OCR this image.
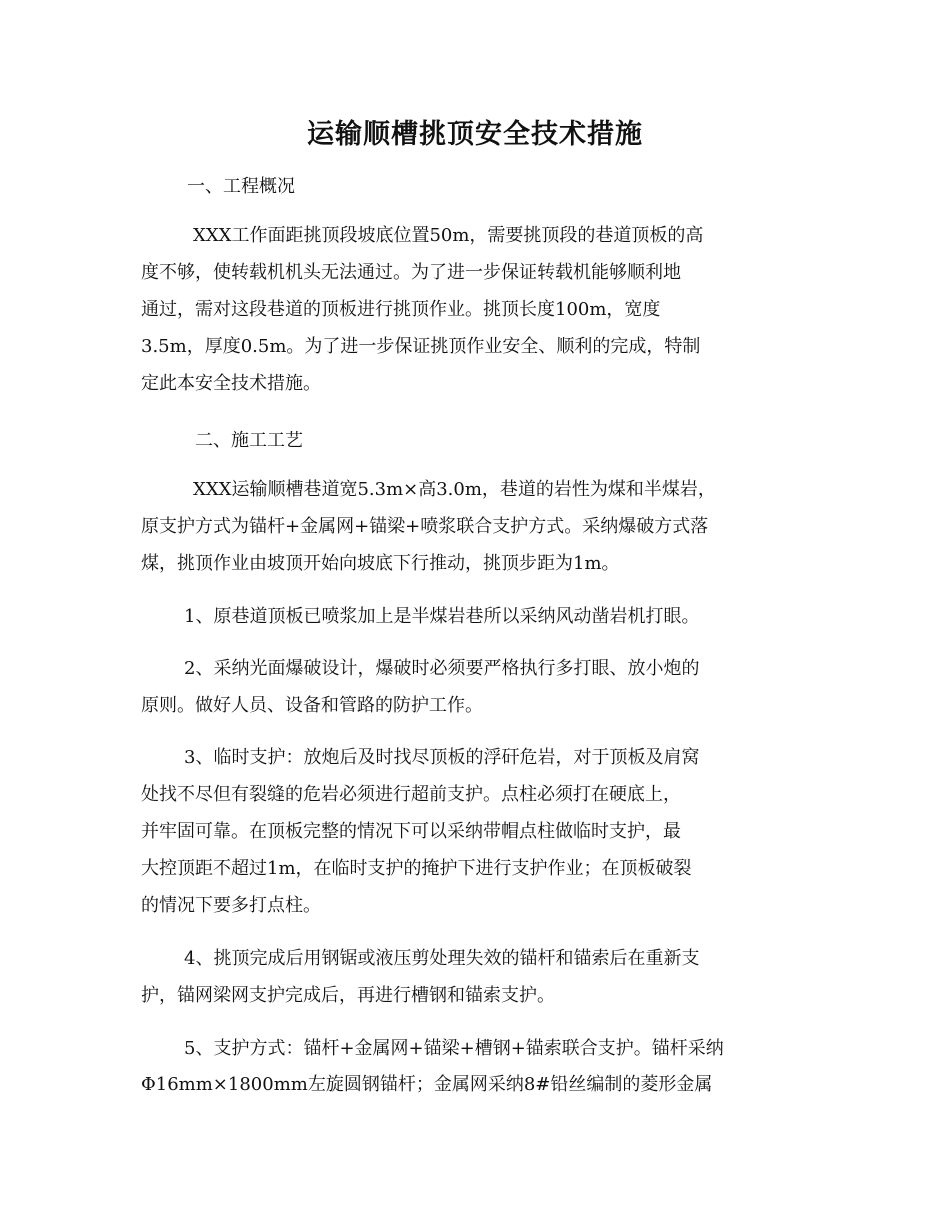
运输顺槽挑顶安全技术措施
一、工程概况
XXX工作面距挑顶段坡底位置50m，需要挑顶段的巷道顶板的高
度不够，使转载机机头无法通过。为了进一步保证转载机能够顺利地
通过，需对这段巷道的顶板进行挑顶作业。挑顶长度100m，宽度
3.5m，厚度0.5m。为了进一步保证挑顶作业安全、顺利的完成，特制
定此本安全技术措施。
二、施工工艺
XXX运输顺槽巷道宽5.3m×高3.0m，巷道的岩性为煤和半煤岩，
原支护方式为锚杆+金属网+锚梁+喷浆联合支护方式。采纳爆破方式落
煤，挑顶作业由坡顶开始向坡底下行推动，挑顶步距为1m。
1、原巷道顶板已喷浆加上是半煤岩巷所以采纳风动凿岩机打眼。
2、采纳光面爆破设计，爆破时必须要严格执行多打眼、放小炮的
原则。做好人员、设备和管路的防护工作。
3、临时支护：放炮后及时找尽顶板的浮矸危岩，对于顶板及肩窝
处找不尽但有裂缝的危岩必须进行超前支护。点柱必须打在硬底上，
并牢固可靠。在顶板完整的情况下可以采纳带帽点柱做临时支护，最
大控顶距不超过1m，在临时支护的掩护下进行支护作业；在顶板破裂
的情况下要多打点柱。
4、挑顶完成后用钢锯或液压剪处理失效的锚杆和锚索后在重新支
护，锚网梁网支护完成后，再进行槽钢和锚索支护。
5、支护方式：锚杆+金属网+锚梁+槽钢+锚索联合支护。锚杆采纳
Φ16mm×1800mm左旋圆钢锚杆；金属网采纳8#铅丝编制的菱形金属
